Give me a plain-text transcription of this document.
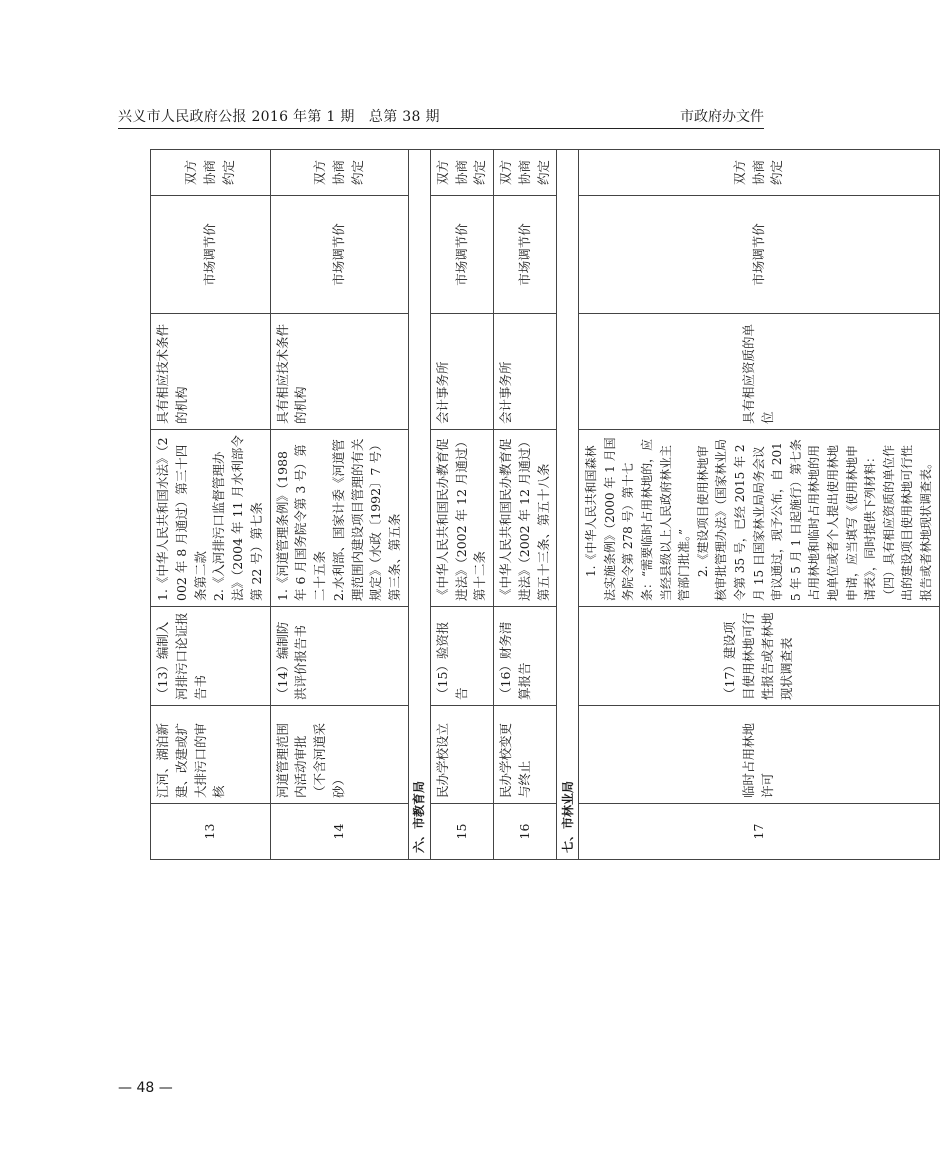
兴义市人民政府公报 2016 年第 1 期　总第 38 期	市政府办文件
13	江河、湖泊新建、改建或扩大排污口的审核	（13）编制入河排污口论证报告书	1.《中华人民共和国水法》（2002 年 8 月通过）第三十四条第二款 2.《入河排污口监督管理办法》（2004 年 11 月水利部令第 22 号）第七条	具有相应技术条件的机构	市场调节价	双方协商约定
14	河道管理范围内活动审批（不含河道采砂）	（14）编制防洪评价报告书	1.《河道管理条例》（1988 年 6 月国务院令第 3 号）第二十五条 2.水利部、国家计委《河道管理范围内建设项目管理的有关规定》（水政〔1992〕7 号）第三条、第五条	具有相应技术条件的机构	市场调节价	双方协商约定
六、市教育局						
15	民办学校设立	（15）验资报告	《中华人民共和国民办教育促进法》（2002 年 12 月通过）第十二条	会计事务所	市场调节价	双方协商约定
16	民办学校变更与终止	（16）财务清算报告	《中华人民共和国民办教育促进法》（2002 年 12 月通过）第五十三条、第五十八条	会计事务所	市场调节价	双方协商约定
七、市林业局						
17	临时占用林地许可	（17）建设项目使用林地可行性报告或者林地现状调查表	1.《中华人民共和国森林法实施条例》（2000 年 1 月国务院令第 278 号）第十七条：“需要临时占用林地的，应当经县级以上人民政府林业主管部门批准。” 2.《建设项目使用林地审核审批管理办法》（国家林业局令第 35 号，已经 2015 年 2 月 15 日国家林业局局务会议审议通过，现予公布，自 2015 年 5 月 1 日起施行）第七条　占用林地和临时占用林地的用地单位或者个人提出使用林地申请，应当填写《使用林地申请表》，同时提供下列材料：（四）具有相应资质的单位作出的建设项目使用林地可行性报告或者林地现状调查表。	具有相应资质的单位	市场调节价	双方协商约定
— 48 —
